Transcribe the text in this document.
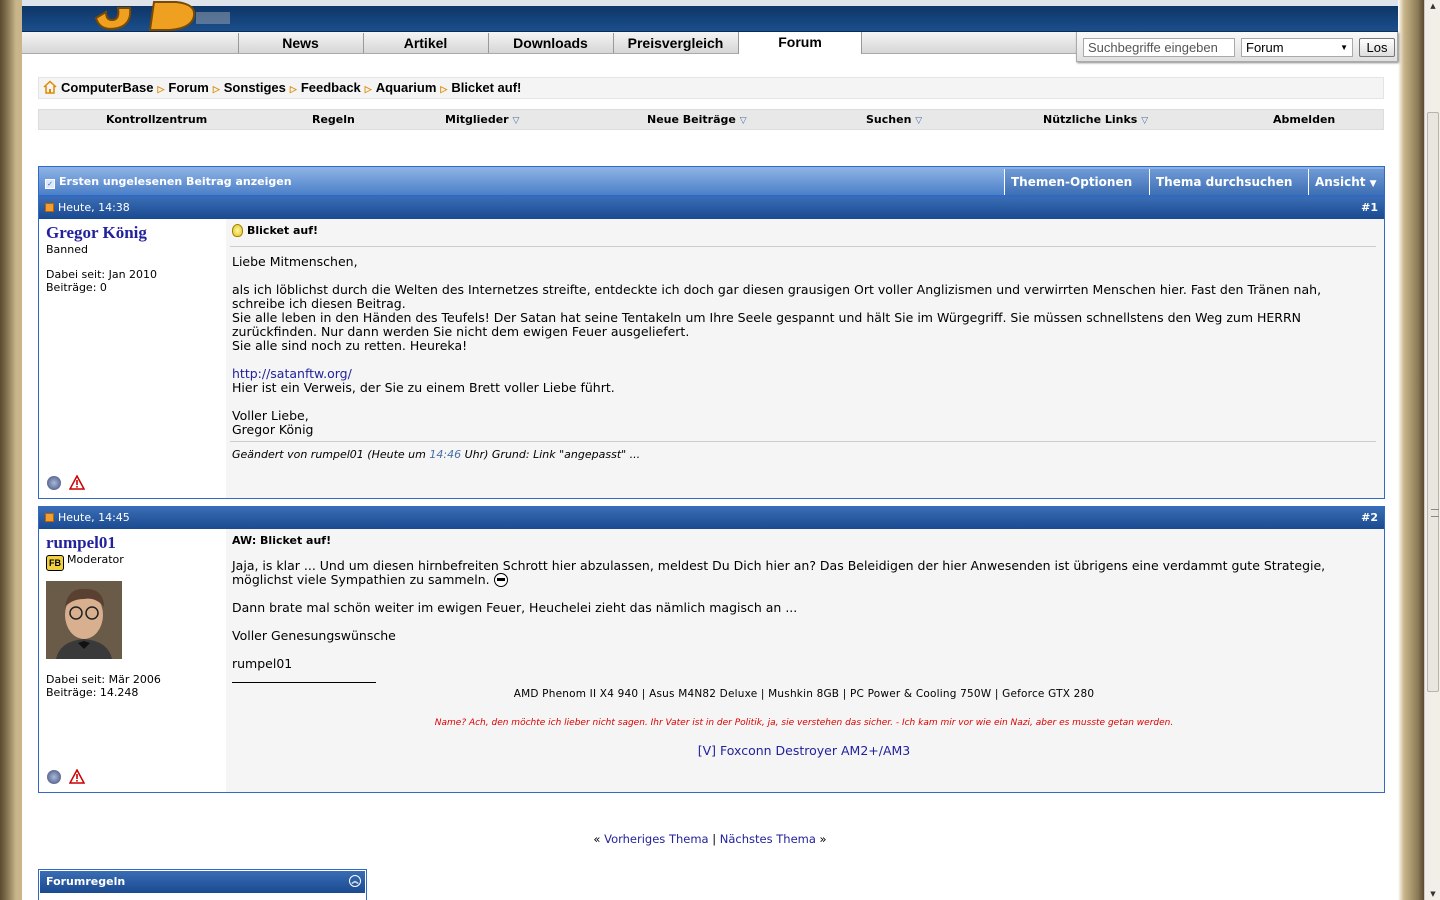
News	Artikel	Downloads	Preisvergleich	Forum	Suchbegriffe eingeben	Forum	▼	Los
ComputerBase ▷ Forum ▷ Sonstiges ▷ Feedback ▷ Aquarium ▷ Blicket auf!
Kontrollzentrum	Regeln	Mitglieder ▽	Neue Beiträge ▽	Suchen ▽	Nützliche Links ▽	Abmelden
✓ Ersten ungelesenen Beitrag anzeigen	Themen-Optionen	Thema durchsuchen	Ansicht ▼
Heute, 14:38	#1
Gregor König
Banned
Dabei seit: Jan 2010
Beiträge: 0

Blicket auf!

Liebe Mitmenschen,

als ich löblichst durch die Welten des Internetzes streifte, entdeckte ich doch gar diesen grausigen Ort voller Anglizismen und verwirrten Menschen hier. Fast den Tränen nah, schreibe ich diesen Beitrag.

Sie alle leben in den Händen des Teufels! Der Satan hat seine Tentakeln um Ihre Seele gespannt und hält Sie im Würgegriff. Sie müssen schnellstens den Weg zum HERRN zurückfinden. Nur dann werden Sie nicht dem ewigen Feuer ausgeliefert.

Sie alle sind noch zu retten. Heureka!

http://satanftw.org/

Hier ist ein Verweis, der Sie zu einem Brett voller Liebe führt.

Voller Liebe,
Gregor König
Geändert von rumpel01 (Heute um 14:46 Uhr) Grund: Link "angepasst" ...
Heute, 14:45	#2
rumpel01
FB Moderator
Dabei seit: Mär 2006
Beiträge: 14.248

AW: Blicket auf!

Jaja, is klar ... Und um diesen hirnbefreiten Schrott hier abzulassen, meldest Du Dich hier an? Das Beleidigen der hier Anwesenden ist übrigens eine verdammt gute Strategie, möglichst viele Sympathien zu sammeln.

Dann brate mal schön weiter im ewigen Feuer, Heuchelei zieht das nämlich magisch an ...

Voller Genesungswünsche

rumpel01
AMD Phenom II X4 940 | Asus M4N82 Deluxe | Mushkin 8GB | PC Power & Cooling 750W | Geforce GTX 280
Name? Ach, den möchte ich lieber nicht sagen. Ihr Vater ist in der Politik, ja, sie verstehen das sicher. - Ich kam mir vor wie ein Nazi, aber es musste getan werden.
[V] Foxconn Destroyer AM2+/AM3
« Vorheriges Thema | Nächstes Thema »
Forumregeln	︽
▲
▼
